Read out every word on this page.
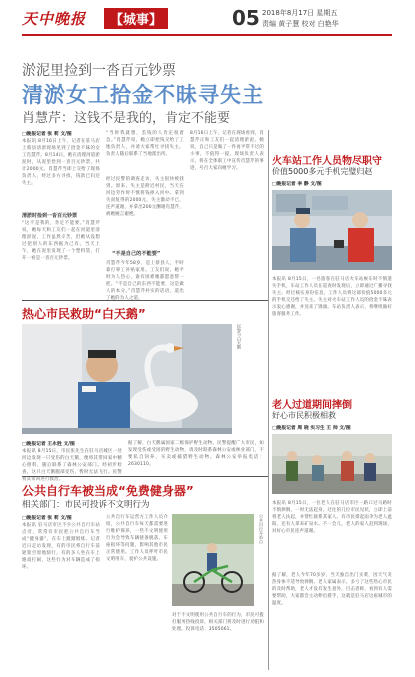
天中晚报	【城事】	05 2018年8月17日 星期五
责编 黄子慧 校对 白艳华
淤泥里捡到一沓百元钞票
清淤女工拾金不昧寻失主
肖慧芹：这钱不是我的，肯定不能要
□晚报记者 张 莉 文/图
本报讯 8月16日上午，记者在驻马店上蔡县清淤现场见到了拾金不昧的女工肖慧芹。8月14日，她在清理河道淤泥时，从泥里捡到一沓百元钞票，共计2000元。肖慧芹当即上交给了现场负责人，经过多方寻找，钱款已归还失主。
清淤时捡到一沓百元钞票
“这不是我的，肯定不能要。”肖慧芹说，她每天和工友们一起在河道里清理淤泥，工作虽然辛苦，但她从没想过把别人的东西据为己有。当天上午，她在泥里发现了一个塑料袋，打开一看是一沓百元钞票。
“当时我就想，丢钱的人肯定很着急。”肖慧芹说，她立即把钱交给了工地负责人，并请大家帮忙寻找失主。负责人随后联系了当地派出所。
经过民警的调查走访，失主很快被找到。原来，失主是附近村民，当天在河边劳作时不慎将钱掉入河中。拿到失而复得的2000元，失主激动不已，连声道谢，并拿出200元酬谢肖慧芹，被她婉言谢绝。
“不是自己的不能要”
肖慧芹今年58岁，是上蔡县人，平时靠打零工补贴家用。工友们说，她平时为人热心，谁有困难她都愿意帮一把。“不是自己的东西不能要，这是做人的本分。”肖慧芹朴实的话语，道出了她的为人之道。
8月16日上午，记者在现场看到，肖慧芹正和工友们一起清理淤泥。她说，自己只是做了一件再平常不过的小事，不值得一提。现场负责人表示，将在全体职工中宣传肖慧芹的事迹，号召大家向她学习。
火车站工作人员物尽职守
价值5000多元手机完璧归赵
□晚报记者 李 静 文/图
本报讯 8月15日，一名旅客在驻马店火车站候车时不慎遗失手机，车站工作人员在巡查时发现后，立即通过广播寻找失主。经过核实身份信息，工作人员将这部价值5000多元的手机交还给了失主。失主对火车站工作人员的拾金不昧表示衷心感谢，并送来了锦旗。车站负责人表示，将继续做好旅客服务工作。
老人过道期间摔倒
好心市民积极相救
□晚报记者 周 晓 实习生 王 帅 文/图
本报讯 8月15日，一位老人在驻马店市区一路口过马路时不慎摔倒，一时无法起身。过往的几位市民见状，立即上前将老人扶起，并帮忙联系其家人。有市民撑起雨伞为老人遮阳，还有人拿来矿泉水。不一会儿，老人的家人赶到现场，对好心市民连声道谢。
据了解，老人今年70多岁，当天独自出门买菜，因天气炎热身体不适导致摔倒。老人家属表示，多亏了这些热心市民的及时帮助，老人才没有发生意外。目击者称，看到有人需要帮助，大家都会主动伸出援手，这就是驻马店这座城市的温度。
热心市民救助“白天鹅”
民警与白天鹅
□晚报记者 王永胜 文/图
本报讯 8月15日，市民张先生在驻马店城区一处河边发现一只受伤的白天鹅，便将其带回家中精心照料，随后联系了森林公安部门。经初步检查，这只白天鹅腿部受伤，暂时无法飞行。民警将其带回进行救治。
据了解，白天鹅属国家二级保护野生动物。民警提醒广大市民，如发现受伤或受困的野生动物，请及时联系森林公安或林业部门，不要私自饲养、买卖或捕猎野生动物。森林公安举报电话：2630110。
公共自行车被当成“免费健身器”
相关部门：市民可投诉不文明行为
□晚报记者 张 莉 文/图
本报讯 驻马店市区不少公共自行车站点旁，常常有市民把公共自行车当成“健身器”，在车上蹬踏锻炼。记者近日走访发现，有的市民将自行车前轮架空原地骑行，有的多人坐在车上嬉戏打闹，这些行为对车辆造成了损坏。
公共自行车运营方工作人员介绍，公共自行车每天都需要进行维护保养，一些不文明使用行为会导致车辆链条脱落、车座损坏等问题，影响其他市民正常使用。工作人员呼吁市民文明用车，爱护公共设施。
公共自行车站点
对于不文明使用公共自行车的行为，市民可拨打服务热线投诉，相关部门将及时进行劝阻和处理。投诉电话：3505061。
